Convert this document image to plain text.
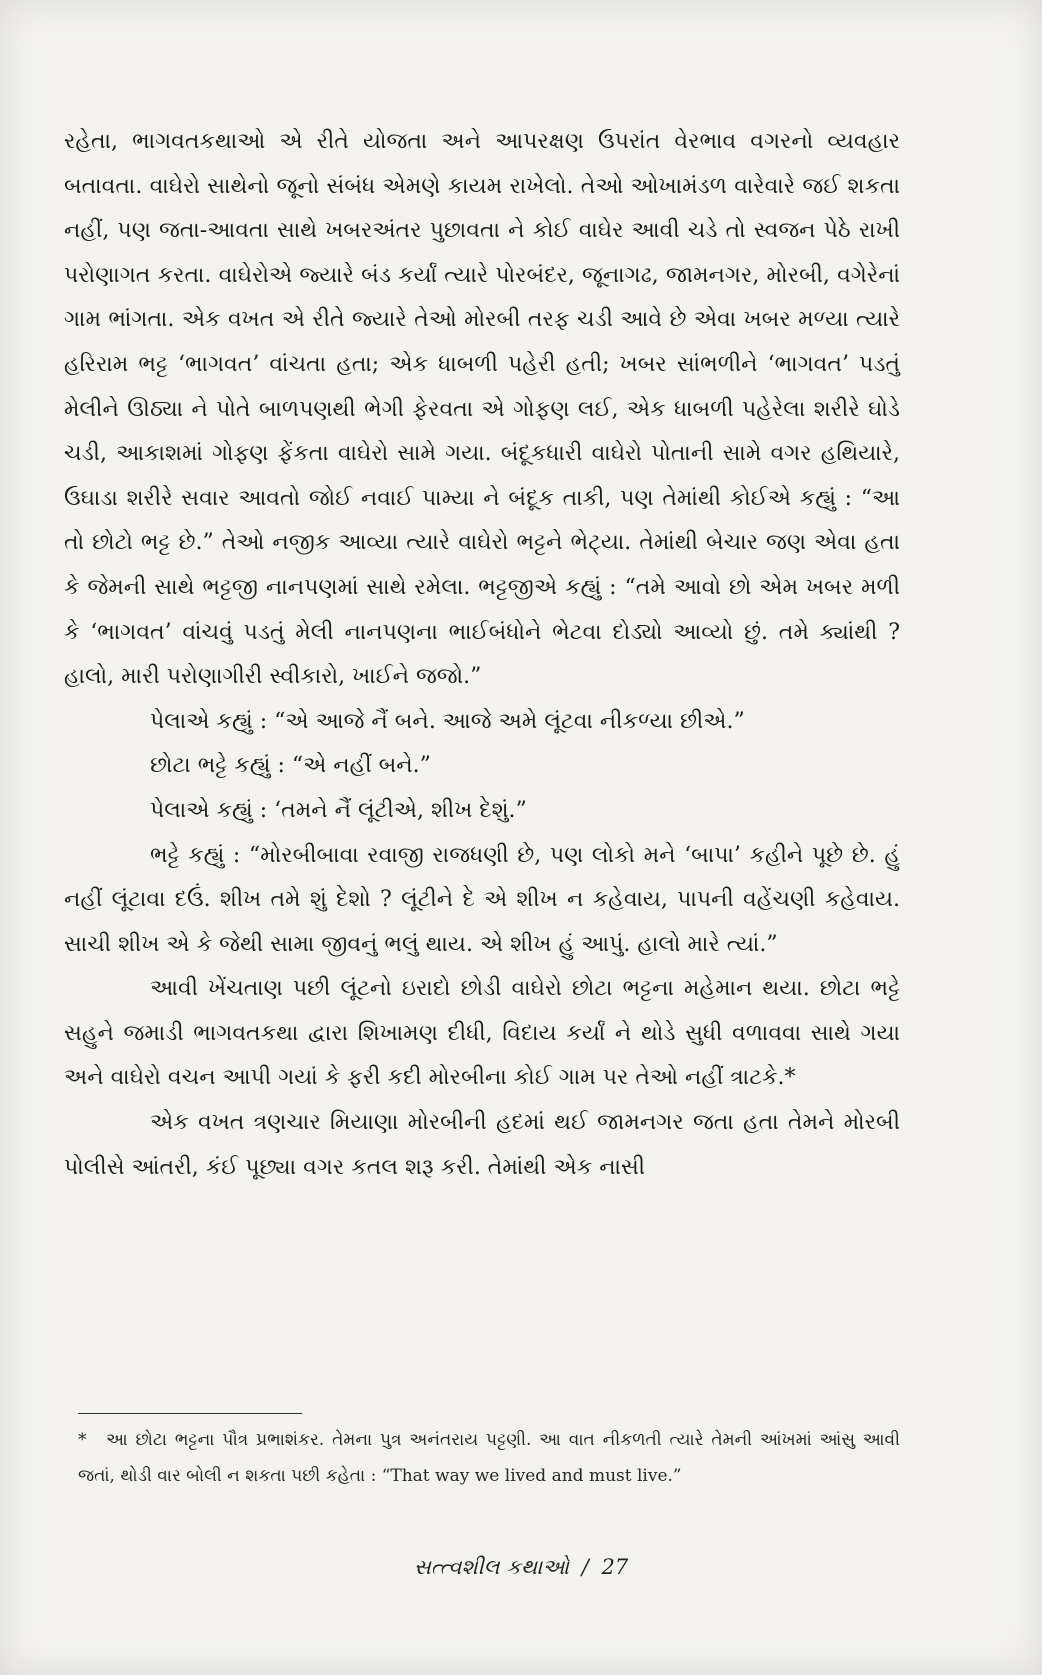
રહેતા, ભાગવતકથાઓ એ રીતે યોજતા અને આપરક્ષણ ઉપરાંત વેરભાવ વગરનો વ્યવહાર બતાવતા. વાઘેરો સાથેનો જૂનો સંબંધ એમણે કાયમ રાખેલો. તેઓ ઓખામંડળ વારેવારે જઈ શકતા નહીં, પણ જતા-આવતા સાથે ખબરઅંતર પુછાવતા ને કોઈ વાઘેર આવી ચડે તો સ્વજન પેઠે રાખી પરોણાગત કરતા. વાઘેરોએ જ્યારે બંડ કર્યાં ત્યારે પોરબંદર, જૂનાગઢ, જામનગર, મોરબી, વગેરેનાં ગામ ભાંગતા. એક વખત એ રીતે જ્યારે તેઓ મોરબી તરફ ચડી આવે છે એવા ખબર મળ્યા ત્યારે હરિરામ ભટ્ટ ‘ભાગવત’ વાંચતા હતા; એક ધાબળી પહેરી હતી; ખબર સાંભળીને ‘ભાગવત’ પડતું મેલીને ઊઠ્યા ને પોતે બાળપણથી ભેગી ફેરવતા એ ગોફણ લઈ, એક ધાબળી પહેરેલા શરીરે ઘોડે ચડી, આકાશમાં ગોફણ ફેંકતા વાઘેરો સામે ગયા. બંદૂકધારી વાઘેરો પોતાની સામે વગર હથિયારે, ઉઘાડા શરીરે સવાર આવતો જોઈ નવાઈ પામ્યા ને બંદૂક તાકી, પણ તેમાંથી કોઈએ કહ્યું : “આ તો છોટો ભટ્ટ છે.” તેઓ નજીક આવ્યા ત્યારે વાઘેરો ભટ્ટને ભેટ્યા. તેમાંથી બેચાર જણ એવા હતા કે જેમની સાથે ભટ્ટજી નાનપણમાં સાથે રમેલા. ભટ્ટજીએ કહ્યું : “તમે આવો છો એમ ખબર મળી કે ‘ભાગવત’ વાંચવું પડતું મેલી નાનપણના ભાઈબંધોને ભેટવા દોડ્યો આવ્યો છું. તમે ક્યાંથી ? હાલો, મારી પરોણાગીરી સ્વીકારો, ખાઈને જજો.”

પેલાએ કહ્યું : “એ આજે નૈં બને. આજે અમે લૂંટવા નીકળ્યા છીએ.”

છોટા ભટ્ટે કહ્યું : “એ નહીં બને.”

પેલાએ કહ્યું : ‘તમને નૈં લૂંટીએ, શીખ દેશું.”

ભટ્ટે કહ્યું : “મોરબીબાવા રવાજી રાજધણી છે, પણ લોકો મને ‘બાપા’ કહીને પૂછે છે. હું નહીં લૂંટાવા દઉં. શીખ તમે શું દેશો ? લૂંટીને દે એ શીખ ન કહેવાય, પાપની વહેંચણી કહેવાય. સાચી શીખ એ કે જેથી સામા જીવનું ભલું થાય. એ શીખ હું આપું. હાલો મારે ત્યાં.”

આવી ખેંચતાણ પછી લૂંટનો ઇરાદો છોડી વાઘેરો છોટા ભટ્ટના મહેમાન થયા. છોટા ભટ્ટે સહુને જમાડી ભાગવતકથા દ્વારા શિખામણ દીધી, વિદાય કર્યાં ને થોડે સુધી વળાવવા સાથે ગયા અને વાઘેરો વચન આપી ગયાં કે ફરી કદી મોરબીના કોઈ ગામ પર તેઓ નહીં ત્રાટકે.*

એક વખત ત્રણચાર મિયાણા મોરબીની હદમાં થઈ જામનગર જતા હતા તેમને મોરબી પોલીસે આંતરી, કંઈ પૂછ્યા વગર કતલ શરૂ કરી. તેમાંથી એક નાસી

* આ છોટા ભટ્ટના પૌત્ર પ્રભાશંકર. તેમના પુત્ર અનંતરાય પટ્ટણી. આ વાત નીકળતી ત્યારે તેમની આંખમાં આંસુ આવી જતાં, થોડી વાર બોલી ન શકતા પછી કહેતા : “That way we lived and must live.”
સત્ત્વશીલ કથાઓ / 27
